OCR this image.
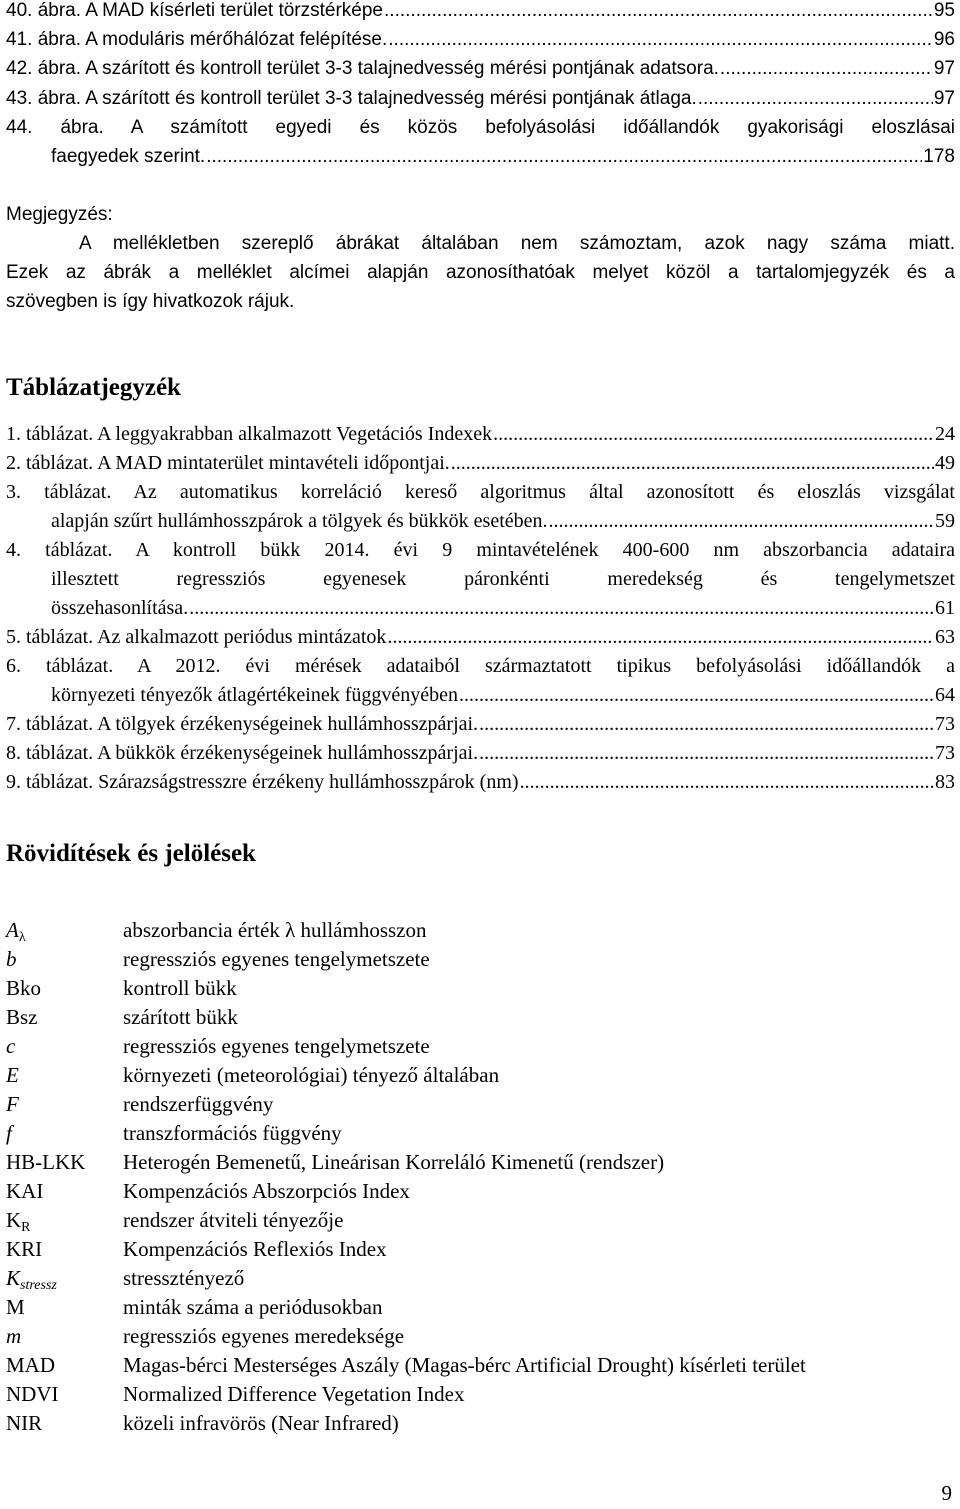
40. ábra. A MAD kísérleti terület törzstérképe .....	95
41. ábra. A moduláris mérőhálózat felépítése. .....	96
42. ábra. A szárított és kontroll terület 3-3 talajnedvesség mérési pontjának adatsora. .....	97
43. ábra. A szárított és kontroll terület 3-3 talajnedvesség mérési pontjának átlaga. .....	97
44. ábra. A számított egyedi és közös befolyásolási időállandók gyakorisági eloszlásai
faegyedek szerint. .....	178
Megjegyzés:
A mellékletben szereplő ábrákat általában nem számoztam, azok nagy száma miatt.
Ezek az ábrák a melléklet alcímei alapján azonosíthatóak melyet közöl a tartalomjegyzék és a
szövegben is így hivatkozok rájuk.
Táblázatjegyzék
1. táblázat. A leggyakrabban alkalmazott Vegetációs Indexek .....	24
2. táblázat. A MAD mintaterület mintavételi időpontjai. .....	49
3. táblázat. Az automatikus korreláció kereső algoritmus által azonosított és eloszlás vizsgálat
alapján szűrt hullámhosszpárok a tölgyek és bükkök esetében. .....	59
4. táblázat. A kontroll bükk 2014. évi 9 mintavételének 400-600 nm abszorbancia adataira
illesztett regressziós egyenesek páronkénti meredekség és tengelymetszet
összehasonlítása. .....	61
5. táblázat. Az alkalmazott periódus mintázatok .....	63
6. táblázat. A 2012. évi mérések adataiból származtatott tipikus befolyásolási időállandók a
környezeti tényezők átlagértékeinek függvényében .....	64
7. táblázat. A tölgyek érzékenységeinek hullámhosszpárjai. .....	73
8. táblázat. A bükkök érzékenységeinek hullámhosszpárjai. .....	73
9. táblázat. Szárazságstresszre érzékeny hullámhosszpárok (nm) .....	83
Rövidítések és jelölések
$A_\lambda$	abszorbancia érték λ hullámhosszon
b	regressziós egyenes tengelymetszete
Bko	kontroll bükk
Bsz	szárított bükk
c	regressziós egyenes tengelymetszete
E	környezeti (meteorológiai) tényező általában
F	rendszerfüggvény
f	transzformációs függvény
HB-LKK Heterogén Bemenetű, Lineárisan Korreláló Kimenetű (rendszer)
KAI	Kompenzációs Abszorpciós Index
$K_R$	rendszer átviteli tényezője
KRI	Kompenzációs Reflexiós Index
$K_{stressz}$	stressztényező
M	minták száma a periódusokban
m	regressziós egyenes meredeksége
MAD	Magas-bérci Mesterséges Aszály (Magas-bérc Artificial Drought) kísérleti terület
NDVI	Normalized Difference Vegetation Index
NIR	közeli infravörös (Near Infrared)
9
